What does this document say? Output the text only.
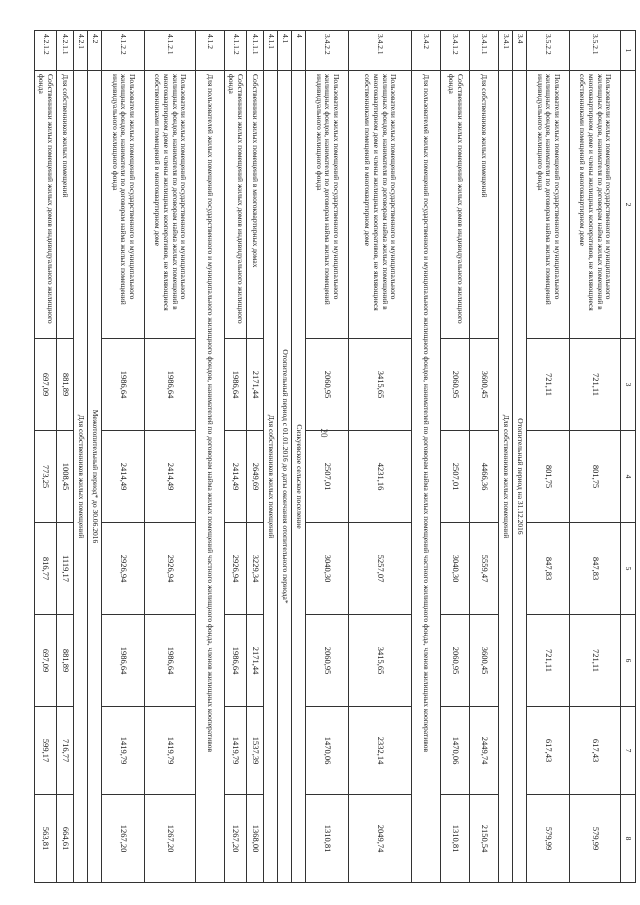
20
1	2	3	4	5	6	7	8
3.5.2.1	Пользователи жилых помещений государственного и муниципального жилищных фондов, нанимателя по договорам найма жилых помещений в многоквартирном доме и члены жилищных кооперативов, не являющиеся собственниками помещений в многоквартирном доме	721,11	801,75	847,83	721,11	617,43	579,99
3.5.2.2	Пользователи жилых помещений государственного и муниципального жилищных фондов, наниматели по договорам найма жилых помещений индивидуального жилищного фонда	721,11	801,75	847,83	721,11	617,43	579,99
3.4	Отопительный период на 31.12.2016						
3.4.1	Для собственников жилых помещений						
3.4.1.1	Для собственников жилых помещений	3600,45	4466,36	5559,47	3600,45	2449,74	2150,54
3.4.1.2	Собственники жилых помещений жилых домов индивидуального жилищного фонда	2060,95	2507,01	3040,30	2060,95	1470,06	1310,81
3.4.2	Для пользователей жилых помещений государственного и муниципального жилищного фондов, нанимателей по договорам найма жилых помещений частного жилищного фонда, членов жилищных кооперативов						
3.4.2.1	Пользователи жилых помещений государственного и муниципального жилищных фондов, нанимателя по договорам найма жилых помещений в многоквартирном доме и члены жилищных кооперативов, не являющиеся собственниками помещений в многоквартирном доме	3415,65	4231,16	5257,07	3415,65	2332,14	2049,74
3.4.2.2	Пользователи жилых помещений государственного и муниципального жилищных фондов, наниматели по договорам найма жилых помещений индивидуального жилищного фонда	2060,95	2507,01	3040,30	2060,95	1470,06	1310,81
4	Сизкуевское сельское поселение						
4.1	Отопительный период с 01.01.2016 до даты окончания отопительного периода*						
4.1.1	Для собственников жилых помещений						
4.1.1.1	Собственники жилых помещений в многоквартирных домах	2171,44	2649,69	3229,34	2171,44	1537,39	1368,00
4.1.1.2	Собственники жилых помещений жилых домов индивидуального жилищного фонда	1986,64	2414,49	2926,94	1986,64	1419,79	1267,20
4.1.2	Для пользователей жилых помещений государственного и муниципального жилищного фондов, нанимателей по договорам найма жилых помещений частного жилищного фонда, членов жилищных кооперативов						
4.1.2.1	Пользователи жилых помещений государственного и муниципального жилищных фондов, нанимателя по договорам найма жилых помещений в многоквартирном доме и члены жилищных кооперативов, не являющиеся собственниками помещений в многоквартирном доме	1986,64	2414,49	2926,94	1986,64	1419,79	1267,20
4.1.2.2	Пользователи жилых помещений государственного и муниципального жилищных фондов, наниматели по договорам найма жилых помещений индивидуального жилищного фонда	1986,64	2414,49	2926,94	1986,64	1419,79	1267,20
4.2	Межотопительный период* до 30.06.2016						
4.2.1	Для собственников жилых помещений						
4.2.1.1	Для собственников жилых помещений	881,89	1008,45	1119,17	881,89	716,77	664,61
4.2.1.2	Собственники жилых помещений жилых домов индивидуального жилищного фонда	697,09	773,25	816,77	697,09	599,17	563,81
